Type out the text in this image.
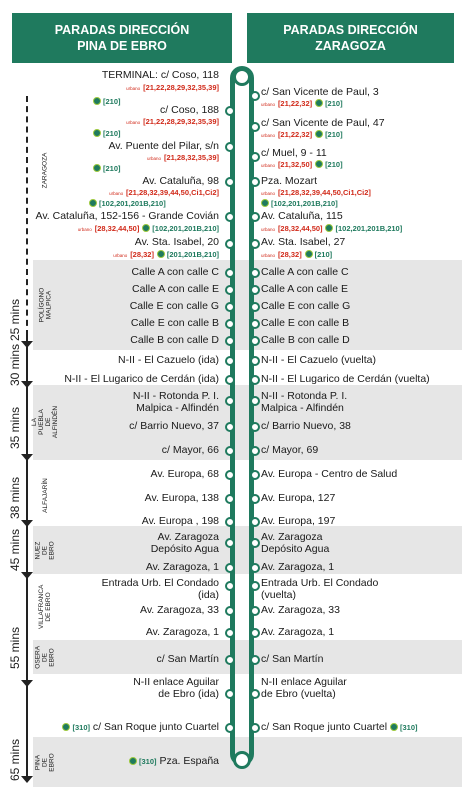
PARADAS DIRECCIÓN PINA DE EBRO
PARADAS DIRECCIÓN ZARAGOZA
25 mins
30 mins
35 mins
38 mins
45 mins
55 mins
65 mins
ZARAGOZA
POLÍGONO MALPICA
LA PUEBLA DE ALFINDÉN
ALFAJARÍN
NUEZ DE EBRO
VILLAFRANCA DE EBRO
OSERA DE EBRO
PINA DE EBRO
TERMINAL: c/ Coso, 118
urbano [21,22,28,29,32,35,39]
[210]
c/ Coso, 188
urbano [21,22,28,29,32,35,39]
[210]
Av. Puente del Pilar, s/n
urbano [21,28,32,35,39]
[210]
Av. Cataluña, 98
urbano [21,28,32,39,44,50,Ci1,Ci2]
[102,201,201B,210]
Av. Cataluña, 152-156 - Grande Covián
urbano [28,32,44,50] [102,201,201B,210]
Av. Sta. Isabel, 20
urbano [28,32] [201,201B,210]
Calle A con calle C
Calle A con calle E
Calle E con calle G
Calle E con calle B
Calle B con calle D
N-II - El Cazuelo (ida)
N-II - El Lugarico de Cerdán (ida)
N-II - Rotonda P. I. Malpica - Alfindén
c/ Barrio Nuevo, 37
c/ Mayor, 66
Av. Europa, 68
Av. Europa, 138
Av. Europa , 198
Av. Zaragoza Depósito Agua
Av. Zaragoza, 1
Entrada Urb. El Condado (ida)
Av. Zaragoza, 33
Av. Zaragoza, 1
c/ San Martín
N-II enlace Aguilar de Ebro (ida)
[310] c/ San Roque junto Cuartel
[310] Pza. España
c/ San Vicente de Paul, 3
urbano [21,22,32] [210]
c/ San Vicente de Paul, 47
urbano [21,22,32] [210]
c/ Muel, 9 - 11
urbano [21,32,50] [210]
Pza. Mozart
urbano [21,28,32,39,44,50,Ci1,Ci2]
[102,201,201B,210]
Av. Cataluña, 115
urbano [28,32,44,50] [102,201,201B,210]
Av. Sta. Isabel, 27
urbano [28,32] [210]
Calle A con calle C
Calle A con calle E
Calle E con calle G
Calle E con calle B
Calle B con calle D
N-II - El Cazuelo (vuelta)
N-II - El Lugarico de Cerdán (vuelta)
N-II - Rotonda P. I. Malpica - Alfindén
c/ Barrio Nuevo, 38
c/ Mayor, 69
Av. Europa - Centro de Salud
Av. Europa, 127
Av. Europa, 197
Av. Zaragoza Depósito Agua
Av. Zaragoza, 1
Entrada Urb. El Condado (vuelta)
Av. Zaragoza, 33
Av. Zaragoza, 1
c/ San Martín
N-II enlace Aguilar de Ebro (vuelta)
c/ San Roque junto Cuartel [310]
